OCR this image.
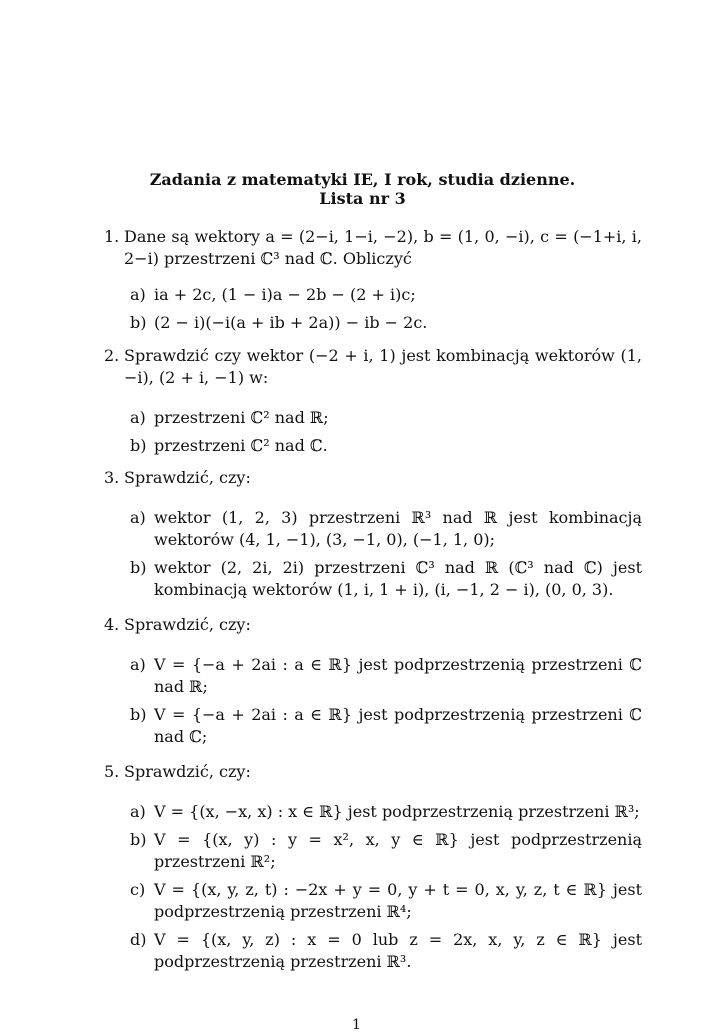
Zadania z matematyki IE, I rok, studia dzienne.
Lista nr 3
1. Dane są wektory a = (2−i, 1−i, −2), b = (1, 0, −i), c = (−1+i, i, 2−i) przestrzeni ℂ³ nad ℂ. Obliczyć
a) ia + 2c, (1 − i)a − 2b − (2 + i)c;
b) (2 − i)(−i(a + ib + 2a)) − ib − 2c.
2. Sprawdzić czy wektor (−2 + i, 1) jest kombinacją wektorów (1, −i), (2 + i, −1) w:
a) przestrzeni ℂ² nad ℝ;
b) przestrzeni ℂ² nad ℂ.
3. Sprawdzić, czy:
a) wektor (1, 2, 3) przestrzeni ℝ³ nad ℝ jest kombinacją wektorów (4, 1, −1), (3, −1, 0), (−1, 1, 0);
b) wektor (2, 2i, 2i) przestrzeni ℂ³ nad ℝ (ℂ³ nad ℂ) jest kombinacją wektorów (1, i, 1 + i), (i, −1, 2 − i), (0, 0, 3).
4. Sprawdzić, czy:
a) V = {−a + 2ai : a ∈ ℝ} jest podprzestrzenią przestrzeni ℂ nad ℝ;
b) V = {−a + 2ai : a ∈ ℝ} jest podprzestrzenią przestrzeni ℂ nad ℂ;
5. Sprawdzić, czy:
a) V = {(x, −x, x) : x ∈ ℝ} jest podprzestrzenią przestrzeni ℝ³;
b) V = {(x, y) : y = x², x, y ∈ ℝ} jest podprzestrzenią przestrzeni ℝ²;
c) V = {(x, y, z, t) : −2x + y = 0, y + t = 0, x, y, z, t ∈ ℝ} jest podprzestrzenią przestrzeni ℝ⁴;
d) V = {(x, y, z) : x = 0 lub z = 2x, x, y, z ∈ ℝ} jest podprzestrzenią przestrzeni ℝ³.
1
